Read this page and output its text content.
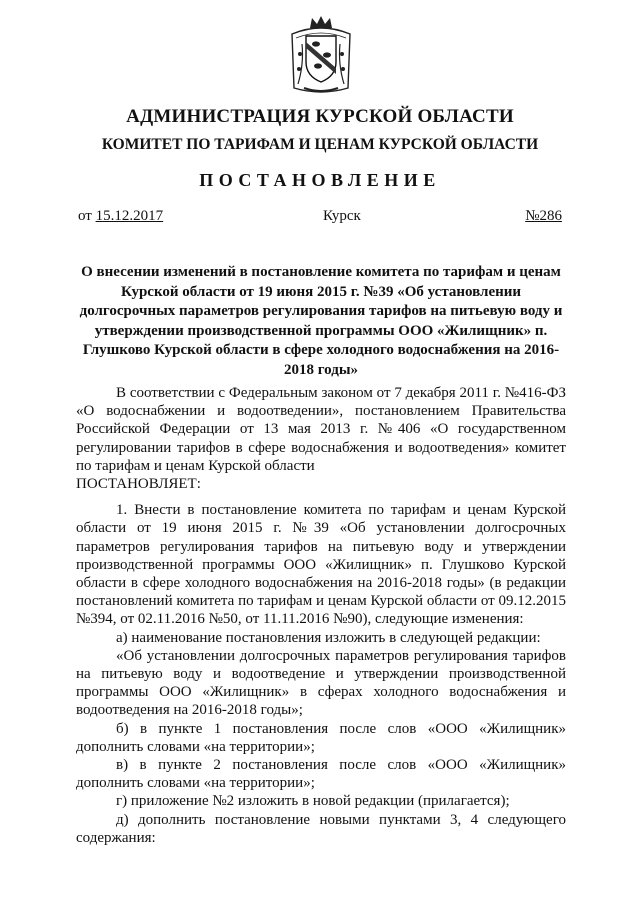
АДМИНИСТРАЦИЯ КУРСКОЙ ОБЛАСТИ
КОМИТЕТ ПО ТАРИФАМ И ЦЕНАМ КУРСКОЙ ОБЛАСТИ
ПОСТАНОВЛЕНИЕ
от 15.12.2017	Курск	№286
О внесении изменений в постановление комитета по тарифам и ценам Курской области от 19 июня 2015 г. №39 «Об установлении долгосрочных параметров регулирования тарифов на питьевую воду и утверждении производственной программы ООО «Жилищник» п. Глушково Курской области в сфере холодного водоснабжения на 2016-2018 годы»

В соответствии с Федеральным законом от 7 декабря 2011 г. №416-ФЗ «О водоснабжении и водоотведении», постановлением Правительства Российской Федерации от 13 мая 2013 г. №406 «О государственном регулировании тарифов в сфере водоснабжения и водоотведения» комитет по тарифам и ценам Курской области

ПОСТАНОВЛЯЕТ:

1. Внести в постановление комитета по тарифам и ценам Курской области от 19 июня 2015 г. №39 «Об установлении долгосрочных параметров регулирования тарифов на питьевую воду и утверждении производственной программы ООО «Жилищник» п. Глушково Курской области в сфере холодного водоснабжения на 2016-2018 годы» (в редакции постановлений комитета по тарифам и ценам Курской области от 09.12.2015 №394, от 02.11.2016 №50, от 11.11.2016 №90), следующие изменения:

а) наименование постановления изложить в следующей редакции:

«Об установлении долгосрочных параметров регулирования тарифов на питьевую воду и водоотведение и утверждении производственной программы ООО «Жилищник» в сферах холодного водоснабжения и водоотведения на 2016-2018 годы»;

б) в пункте 1 постановления после слов «ООО «Жилищник» дополнить словами «на территории»;

в) в пункте 2 постановления после слов «ООО «Жилищник» дополнить словами «на территории»;

г) приложение №2 изложить в новой редакции (прилагается);

д) дополнить постановление новыми пунктами 3, 4 следующего содержания:
